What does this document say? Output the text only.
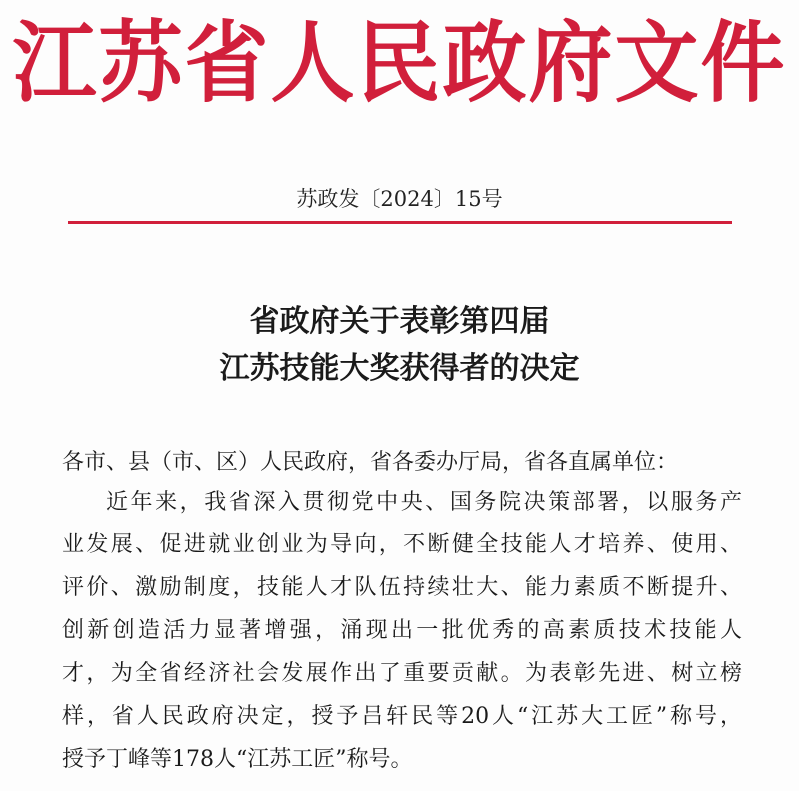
江苏省人民政府文件
苏政发〔2024〕15号
省政府关于表彰第四届
江苏技能大奖获得者的决定
各市、县（市、区）人民政府，省各委办厅局，省各直属单位：
近年来，我省深入贯彻党中央、国务院决策部署，以服务产
业发展、促进就业创业为导向，不断健全技能人才培养、使用、
评价、激励制度，技能人才队伍持续壮大、能力素质不断提升、
创新创造活力显著增强，涌现出一批优秀的高素质技术技能人
才，为全省经济社会发展作出了重要贡献。为表彰先进、树立榜
样，省人民政府决定，授予吕轩民等20人“江苏大工匠”称号，
授予丁峰等178人“江苏工匠”称号。
